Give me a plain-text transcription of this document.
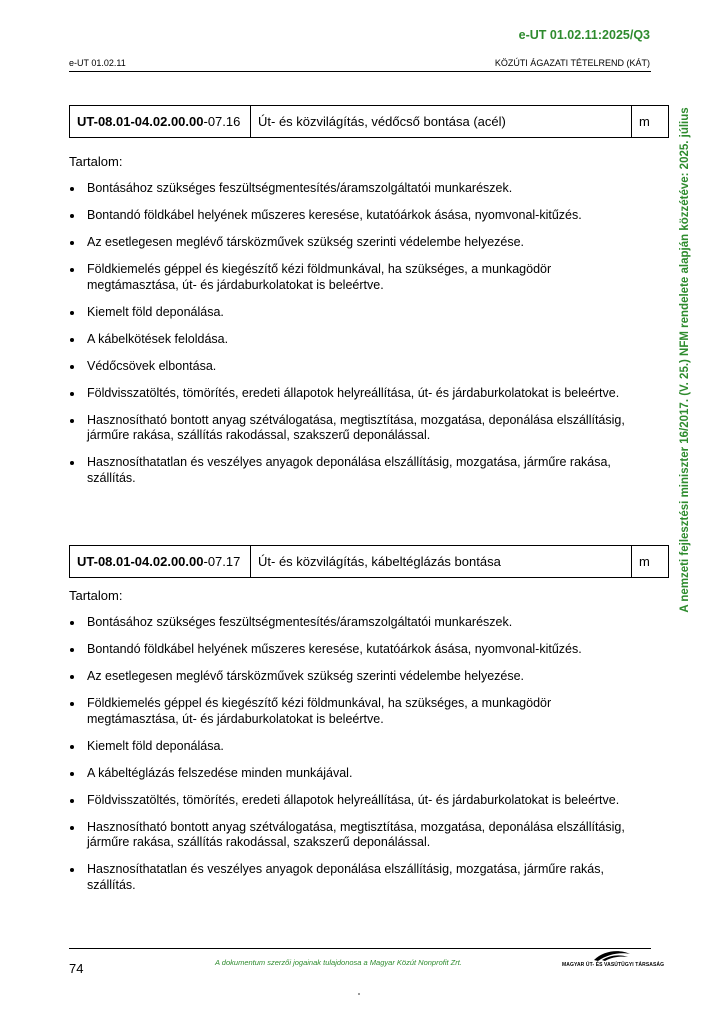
e-UT 01.02.11:2025/Q3
e-UT 01.02.11	KÖZÚTI ÁGAZATI TÉTELREND (KÁT)
A nemzeti fejlesztési miniszter 16/2017. (V. 25.) NFM rendelete alapján közzétéve: 2025. július
UT-08.01-04.02.00.00 -07.16	Út- és közvilágítás, védőcső bontása (acél)	m
Tartalom:
Bontásához szükséges feszültségmentesítés/áramszolgáltatói munkarészek.
Bontandó földkábel helyének műszeres keresése, kutatóárkok ásása, nyomvonal-kitűzés.
Az esetlegesen meglévő társközművek szükség szerinti védelembe helyezése.
Földkiemelés géppel és kiegészítő kézi földmunkával, ha szükséges, a munkagödör megtámasztása, út- és járdaburkolatokat is beleértve.
Kiemelt föld deponálása.
A kábelkötések feloldása.
Védőcsövek elbontása.
Földvisszatöltés, tömörítés, eredeti állapotok helyreállítása, út- és járdaburkolatokat is beleértve.
Hasznosítható bontott anyag szétválogatása, megtisztítása, mozgatása, deponálása elszállításig, járműre rakása, szállítás rakodással, szakszerű deponálással.
Hasznosíthatatlan és veszélyes anyagok deponálása elszállításig, mozgatása, járműre rakása, szállítás.
UT-08.01-04.02.00.00 -07.17	Út- és közvilágítás, kábeltéglázás bontása	m
Tartalom:
Bontásához szükséges feszültségmentesítés/áramszolgáltatói munkarészek.
Bontandó földkábel helyének műszeres keresése, kutatóárkok ásása, nyomvonal-kitűzés.
Az esetlegesen meglévő társközművek szükség szerinti védelembe helyezése.
Földkiemelés géppel és kiegészítő kézi földmunkával, ha szükséges, a munkagödör megtámasztása, út- és járdaburkolatokat is beleértve.
Kiemelt föld deponálása.
A kábeltéglázás felszedése minden munkájával.
Földvisszatöltés, tömörítés, eredeti állapotok helyreállítása, út- és járdaburkolatokat is beleértve.
Hasznosítható bontott anyag szétválogatása, megtisztítása, mozgatása, deponálása elszállításig, járműre rakása, szállítás rakodással, szakszerű deponálással.
Hasznosíthatatlan és veszélyes anyagok deponálása elszállításig, mozgatása, járműre rakás, szállítás.
74	A dokumentum szerzői jogainak tulajdonosa a Magyar Közút Nonprofit Zrt.	MAGYAR ÚT- ÉS VASÚTÜGYI TÁRSASÁG
